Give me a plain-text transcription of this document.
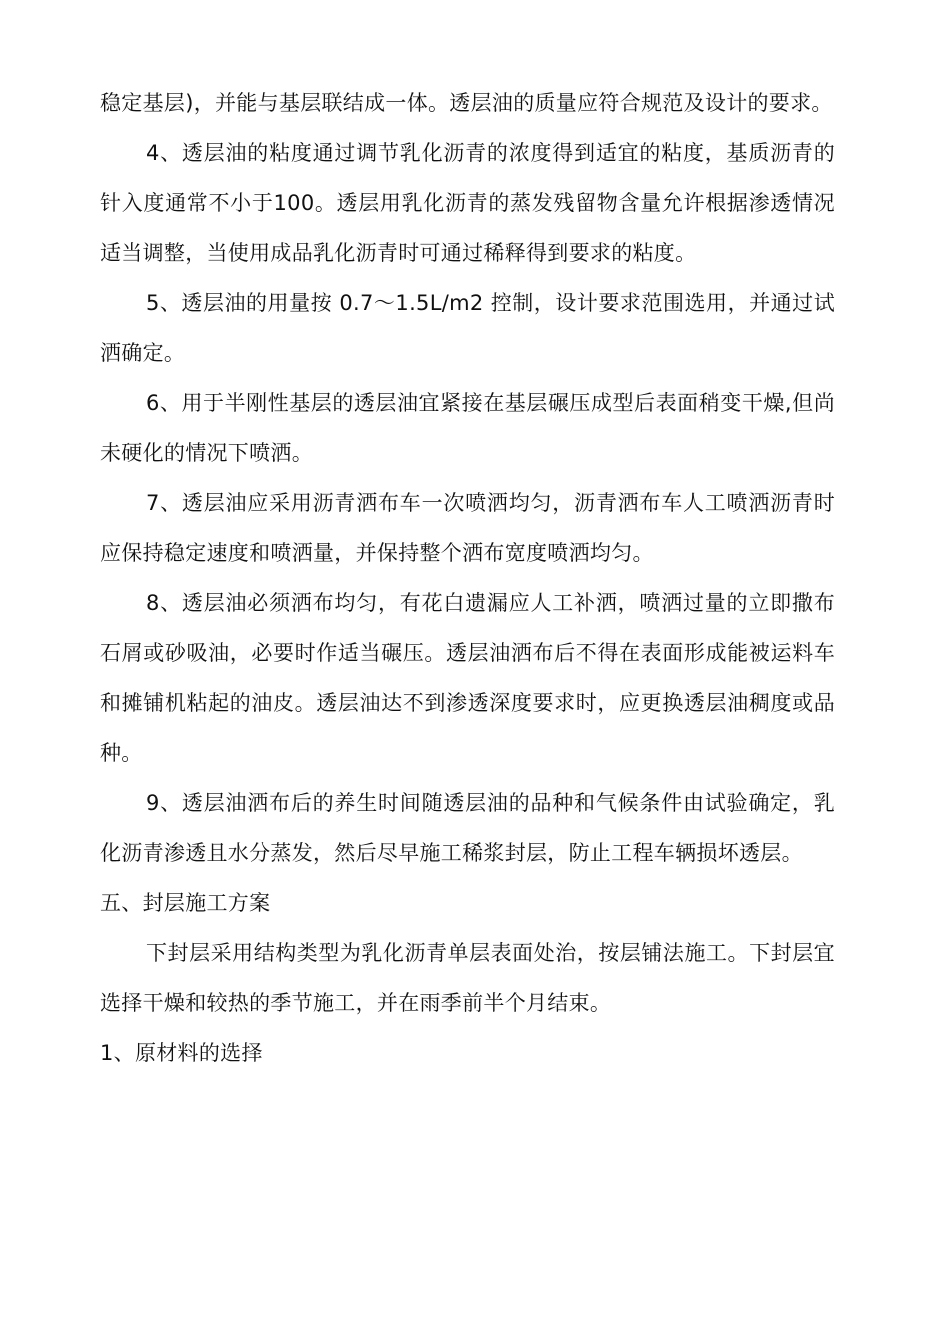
稳定基层)，并能与基层联结成一体。透层油的质量应符合规范及设计的要求。

4、透层油的粘度通过调节乳化沥青的浓度得到适宜的粘度，基质沥青的针入度通常不小于100。透层用乳化沥青的蒸发残留物含量允许根据渗透情况适当调整，当使用成品乳化沥青时可通过稀释得到要求的粘度。

5、透层油的用量按 0.7～1.5L/m2 控制，设计要求范围选用，并通过试洒确定。

6、用于半刚性基层的透层油宜紧接在基层碾压成型后表面稍变干燥,但尚未硬化的情况下喷洒。

7、透层油应采用沥青洒布车一次喷洒均匀，沥青洒布车人工喷洒沥青时应保持稳定速度和喷洒量，并保持整个洒布宽度喷洒均匀。

8、透层油必须洒布均匀，有花白遗漏应人工补洒，喷洒过量的立即撒布石屑或砂吸油，必要时作适当碾压。透层油洒布后不得在表面形成能被运料车和摊铺机粘起的油皮。透层油达不到渗透深度要求时，应更换透层油稠度或品种。

9、透层油洒布后的养生时间随透层油的品种和气候条件由试验确定，乳化沥青渗透且水分蒸发，然后尽早施工稀浆封层，防止工程车辆损坏透层。

五、封层施工方案

下封层采用结构类型为乳化沥青单层表面处治，按层铺法施工。下封层宜选择干燥和较热的季节施工，并在雨季前半个月结束。

1、原材料的选择
